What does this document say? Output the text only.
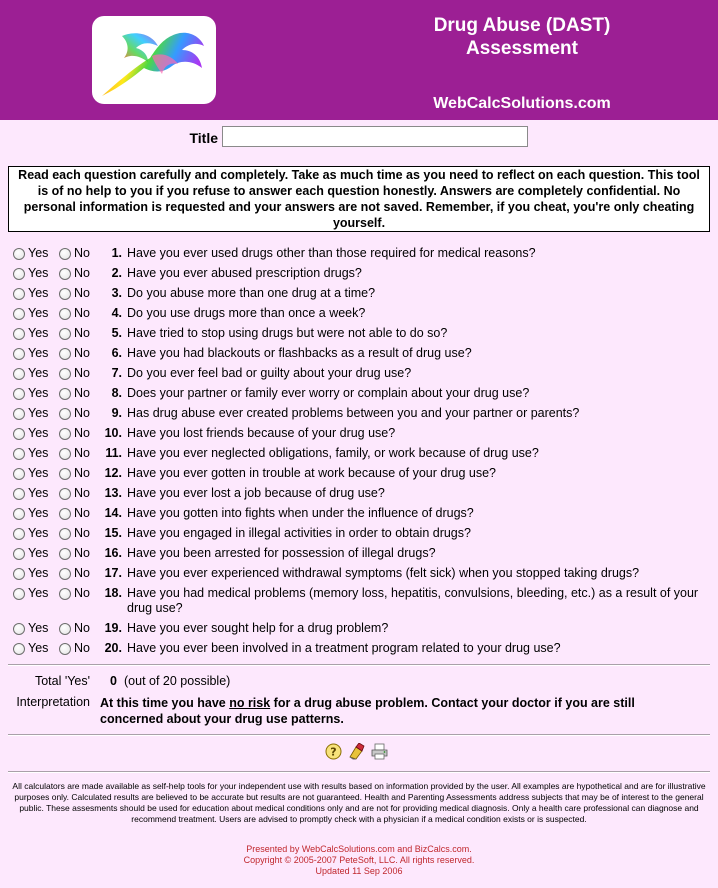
Drug Abuse (DAST) Assessment
WebCalcSolutions.com
Title
Read each question carefully and completely. Take as much time as you need to reflect on each question. This tool is of no help to you if you refuse to answer each question honestly. Answers are completely confidential. No personal information is requested and your answers are not saved. Remember, if you cheat, you're only cheating yourself.
Yes No 1. Have you ever used drugs other than those required for medical reasons?
Yes No 2. Have you ever abused prescription drugs?
Yes No 3. Do you abuse more than one drug at a time?
Yes No 4. Do you use drugs more than once a week?
Yes No 5. Have tried to stop using drugs but were not able to do so?
Yes No 6. Have you had blackouts or flashbacks as a result of drug use?
Yes No 7. Do you ever feel bad or guilty about your drug use?
Yes No 8. Does your partner or family ever worry or complain about your drug use?
Yes No 9. Has drug abuse ever created problems between you and your partner or parents?
Yes No 10. Have you lost friends because of your drug use?
Yes No 11. Have you ever neglected obligations, family, or work because of drug use?
Yes No 12. Have you ever gotten in trouble at work because of your drug use?
Yes No 13. Have you ever lost a job because of drug use?
Yes No 14. Have you gotten into fights when under the influence of drugs?
Yes No 15. Have you engaged in illegal activities in order to obtain drugs?
Yes No 16. Have you been arrested for possession of illegal drugs?
Yes No 17. Have you ever experienced withdrawal symptoms (felt sick) when you stopped taking drugs?
Yes No 18. Have you had medical problems (memory loss, hepatitis, convulsions, bleeding, etc.) as a result of your drug use?
Yes No 19. Have you ever sought help for a drug problem?
Yes No 20. Have you ever been involved in a treatment program related to your drug use?
Total 'Yes' 0 (out of 20 possible)
Interpretation At this time you have no risk for a drug abuse problem. Contact your doctor if you are still concerned about your drug use patterns.
?
All calculators are made available as self-help tools for your independent use with results based on information provided by the user. All examples are hypothetical and are for illustrative purposes only. Calculated results are believed to be accurate but results are not guaranteed. Health and Parenting Assessments address subjects that may be of interest to the general public. These assesments should be used for education about medical conditions only and are not for providing medical diagnosis. Only a health care professional can diagnose and recommend treatment. Users are advised to promptly check with a physician if a medical condition exists or is suspected.
Presented by WebCalcSolutions.com and BizCalcs.com.
Copyright © 2005-2007 PeteSoft, LLC. All rights reserved.
Updated 11 Sep 2006
